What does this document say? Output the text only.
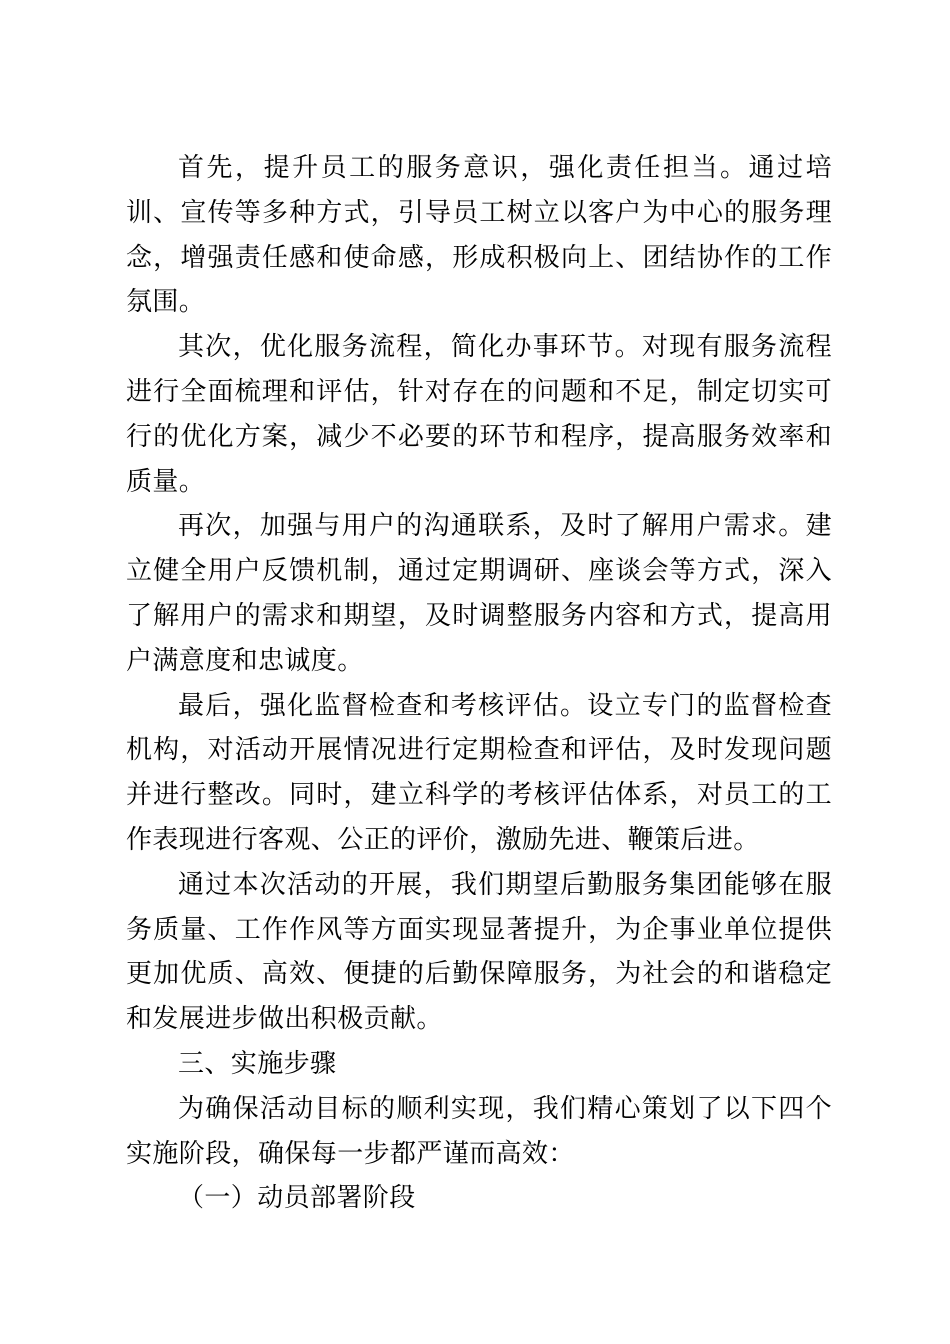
首先，提升员工的服务意识，强化责任担当。通过培训、宣传等多种方式，引导员工树立以客户为中心的服务理念，增强责任感和使命感，形成积极向上、团结协作的工作氛围。

其次，优化服务流程，简化办事环节。对现有服务流程进行全面梳理和评估，针对存在的问题和不足，制定切实可行的优化方案，减少不必要的环节和程序，提高服务效率和质量。

再次，加强与用户的沟通联系，及时了解用户需求。建立健全用户反馈机制，通过定期调研、座谈会等方式，深入了解用户的需求和期望，及时调整服务内容和方式，提高用户满意度和忠诚度。

最后，强化监督检查和考核评估。设立专门的监督检查机构，对活动开展情况进行定期检查和评估，及时发现问题并进行整改。同时，建立科学的考核评估体系，对员工的工作表现进行客观、公正的评价，激励先进、鞭策后进。

通过本次活动的开展，我们期望后勤服务集团能够在服务质量、工作作风等方面实现显著提升，为企事业单位提供更加优质、高效、便捷的后勤保障服务，为社会的和谐稳定和发展进步做出积极贡献。

三、实施步骤

为确保活动目标的顺利实现，我们精心策划了以下四个实施阶段，确保每一步都严谨而高效：

（一）动员部署阶段
